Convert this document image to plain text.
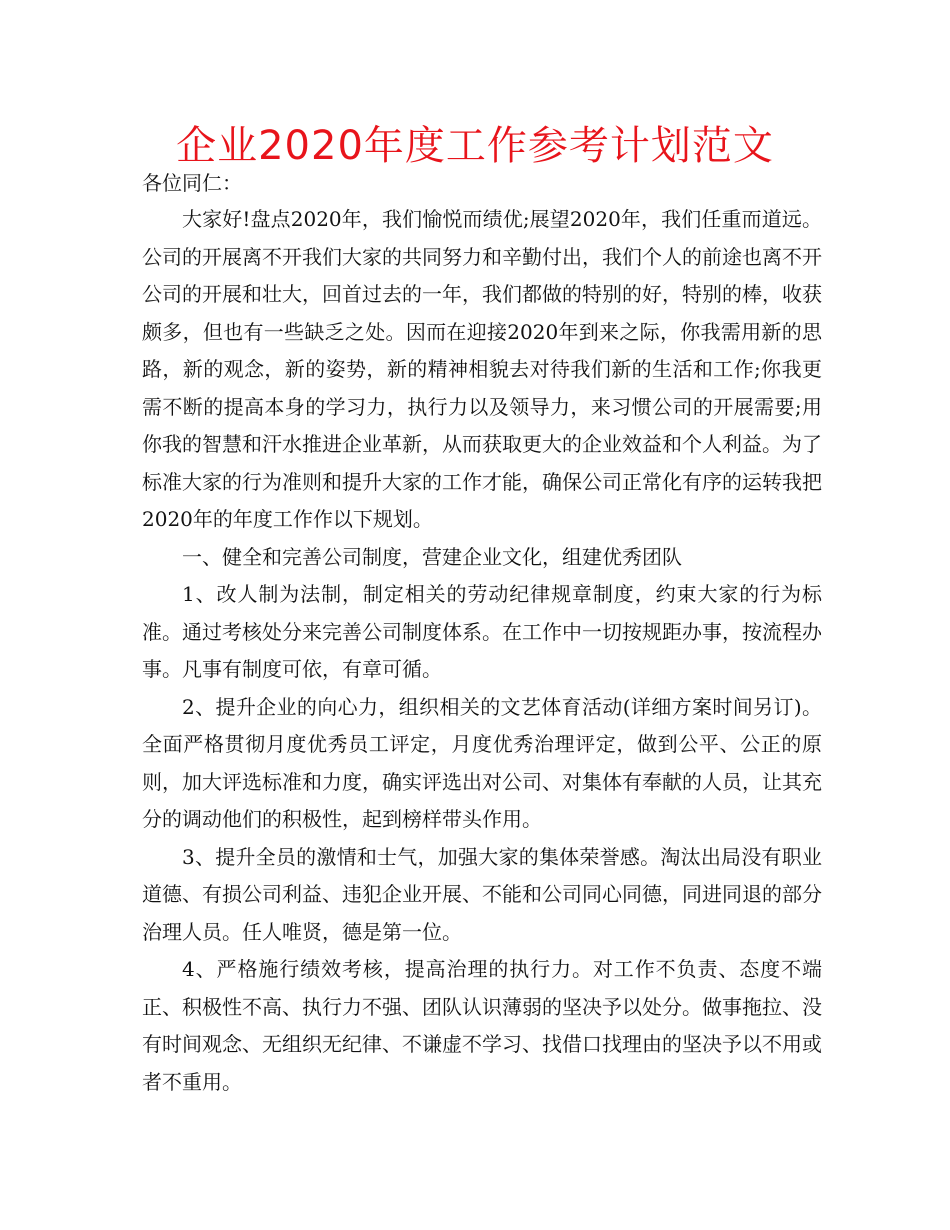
企业2020年度工作参考计划范文

各位同仁：

大家好!盘点2020年，我们愉悦而绩优;展望2020年，我们任重而道远。公司的开展离不开我们大家的共同努力和辛勤付出，我们个人的前途也离不开公司的开展和壮大，回首过去的一年，我们都做的特别的好，特别的棒，收获颇多，但也有一些缺乏之处。因而在迎接2020年到来之际，你我需用新的思路，新的观念，新的姿势，新的精神相貌去对待我们新的生活和工作;你我更需不断的提高本身的学习力，执行力以及领导力，来习惯公司的开展需要;用你我的智慧和汗水推进企业革新，从而获取更大的企业效益和个人利益。为了标准大家的行为准则和提升大家的工作才能，确保公司正常化有序的运转我把2020年的年度工作作以下规划。

一、健全和完善公司制度，营建企业文化，组建优秀团队

1、改人制为法制，制定相关的劳动纪律规章制度，约束大家的行为标准。通过考核处分来完善公司制度体系。在工作中一切按规距办事，按流程办事。凡事有制度可依，有章可循。

2、提升企业的向心力，组织相关的文艺体育活动(详细方案时间另订)。全面严格贯彻月度优秀员工评定，月度优秀治理评定，做到公平、公正的原则，加大评选标准和力度，确实评选出对公司、对集体有奉献的人员，让其充分的调动他们的积极性，起到榜样带头作用。

3、提升全员的激情和士气，加强大家的集体荣誉感。淘汰出局没有职业道德、有损公司利益、违犯企业开展、不能和公司同心同德，同进同退的部分治理人员。任人唯贤，德是第一位。

4、严格施行绩效考核，提高治理的执行力。对工作不负责、态度不端正、积极性不高、执行力不强、团队认识薄弱的坚决予以处分。做事拖拉、没有时间观念、无组织无纪律、不谦虚不学习、找借口找理由的坚决予以不用或者不重用。
